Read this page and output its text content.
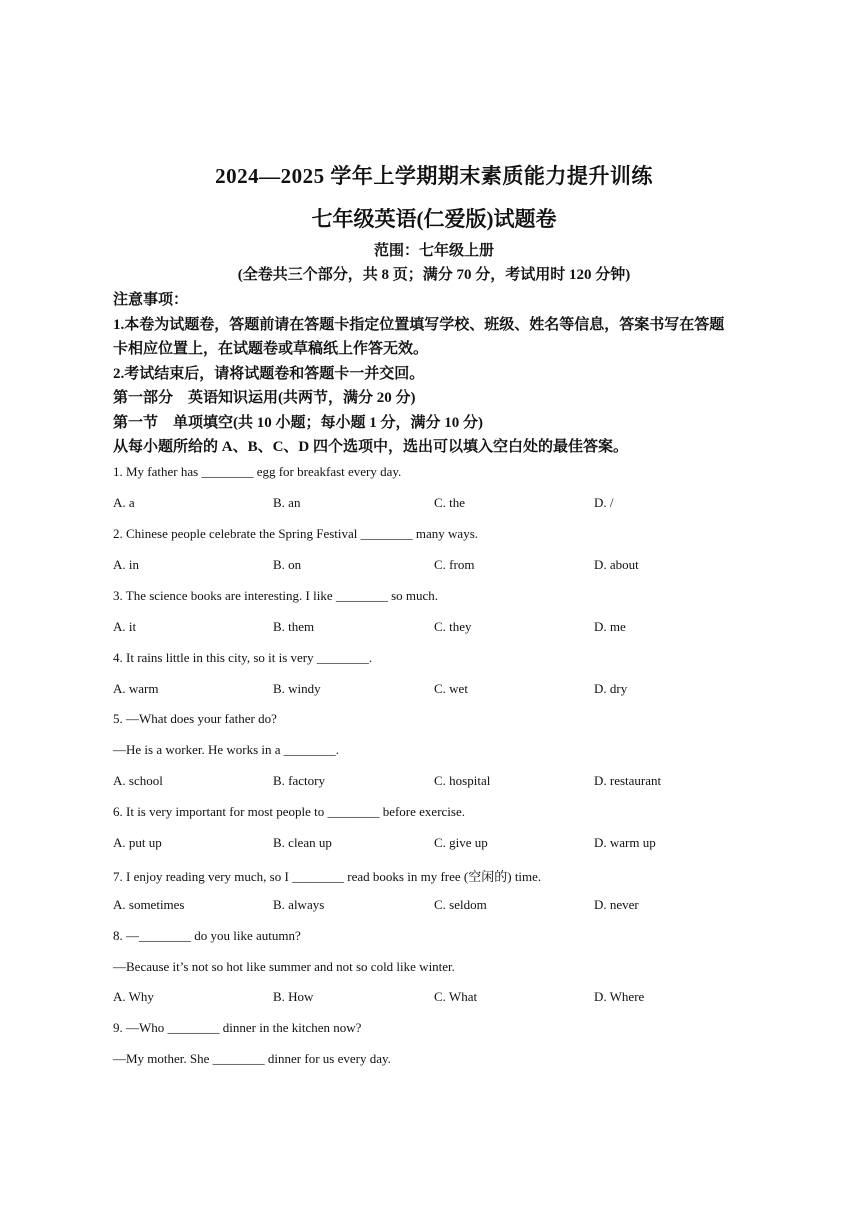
2024—2025 学年上学期期末素质能力提升训练
七年级英语(仁爱版)试题卷
范围：七年级上册
(全卷共三个部分，共 8 页；满分 70 分，考试用时 120 分钟)
注意事项：
1.本卷为试题卷，答题前请在答题卡指定位置填写学校、班级、姓名等信息，答案书写在答题
卡相应位置上，在试题卷或草稿纸上作答无效。
2.考试结束后，请将试题卷和答题卡一并交回。
第一部分　英语知识运用(共两节，满分 20 分)
第一节　单项填空(共 10 小题；每小题 1 分，满分 10 分)
从每小题所给的 A、B、C、D 四个选项中，选出可以填入空白处的最佳答案。
1. My father has ________ egg for breakfast every day.
A. a	B. an	C. the	D. /
2. Chinese people celebrate the Spring Festival ________ many ways.
A. in	B. on	C. from	D. about
3. The science books are interesting. I like ________ so much.
A. it	B. them	C. they	D. me
4. It rains little in this city, so it is very ________.
A. warm	B. windy	C. wet	D. dry
5. —What does your father do?
—He is a worker. He works in a ________.
A. school	B. factory	C. hospital	D. restaurant
6. It is very important for most people to ________ before exercise.
A. put up	B. clean up	C. give up	D. warm up
7. I enjoy reading very much, so I ________ read books in my free (空闲的) time.
A. sometimes	B. always	C. seldom	D. never
8. —________ do you like autumn?
—Because it’s not so hot like summer and not so cold like winter.
A. Why	B. How	C. What	D. Where
9. —Who ________ dinner in the kitchen now?
—My mother. She ________ dinner for us every day.
